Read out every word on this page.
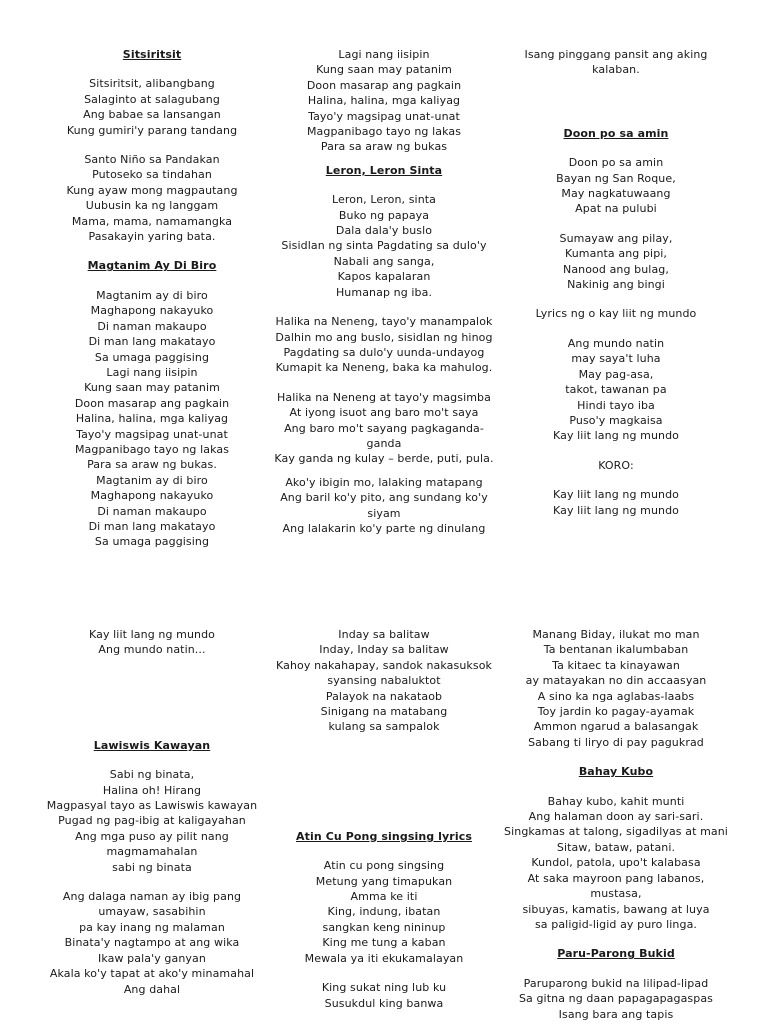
Sitsiritsit
Sitsiritsit, alibangbang
Salaginto at salagubang
Ang babae sa lansangan
Kung gumiri'y parang tandang
Santo Niño sa Pandakan
Putoseko sa tindahan
Kung ayaw mong magpautang
Uubusin ka ng langgam
Mama, mama, namamangka
Pasakayin yaring bata.
Magtanim Ay Di Biro
Magtanim ay di biro
Maghapong nakayuko
Di naman makaupo
Di man lang makatayo
Sa umaga paggising
Lagi nang iisipin
Kung saan may patanim
Doon masarap ang pagkain
Halina, halina, mga kaliyag
Tayo'y magsipag unat-unat
Magpanibago tayo ng lakas
Para sa araw ng bukas.
Magtanim ay di biro
Maghapong nakayuko
Di naman makaupo
Di man lang makatayo
Sa umaga paggising
Lagi nang iisipin
Kung saan may patanim
Doon masarap ang pagkain
Halina, halina, mga kaliyag
Tayo'y magsipag unat-unat
Magpanibago tayo ng lakas
Para sa araw ng bukas
Leron, Leron Sinta
Leron, Leron, sinta
Buko ng papaya
Dala dala'y buslo
Sisidlan ng sinta Pagdating sa dulo'y
Nabali ang sanga,
Kapos kapalaran
Humanap ng iba.
Halika na Neneng, tayo'y manampalok
Dalhin mo ang buslo, sisidlan ng hinog
Pagdating sa dulo'y uunda-undayog
Kumapit ka Neneng, baka ka mahulog.
Halika na Neneng at tayo'y magsimba
At iyong isuot ang baro mo't saya
Ang baro mo't sayang pagkaganda-
ganda
Kay ganda ng kulay – berde, puti, pula.
Ako'y ibigin mo, lalaking matapang
Ang baril ko'y pito, ang sundang ko'y
siyam
Ang lalakarin ko'y parte ng dinulang
Isang pinggang pansit ang aking
kalaban.
Doon po sa amin
Doon po sa amin
Bayan ng San Roque,
May nagkatuwaang
Apat na pulubi
Sumayaw ang pilay,
Kumanta ang pipi,
Nanood ang bulag,
Nakinig ang bingi
Lyrics ng o kay liit ng mundo
Ang mundo natin
may saya't luha
May pag-asa,
takot, tawanan pa
Hindi tayo iba
Puso'y magkaisa
Kay liit lang ng mundo
KORO:
Kay liit lang ng mundo
Kay liit lang ng mundo
Kay liit lang ng mundo
Ang mundo natin...
Lawiswis Kawayan
Sabi ng binata,
Halina oh! Hirang
Magpasyal tayo as Lawiswis kawayan
Pugad ng pag-ibig at kaligayahan
Ang mga puso ay pilit nang
magmamahalan
sabi ng binata
Ang dalaga naman ay ibig pang
umayaw, sasabihin
pa kay inang ng malaman
Binata'y nagtampo at ang wika
Ikaw pala'y ganyan
Akala ko'y tapat at ako'y minamahal
Ang dahal
Inday sa balitaw
Inday, Inday sa balitaw
Kahoy nakahapay, sandok nakasuksok
syansing nabaluktot
Palayok na nakataob
Sinigang na matabang
kulang sa sampalok
Atin Cu Pong singsing lyrics
Atin cu pong singsing
Metung yang timapukan
Amma ke iti
King, indung, ibatan
sangkan keng nininup
King me tung a kaban
Mewala ya iti ekukamalayan
King sukat ning lub ku
Susukdul king banwa
Manang Biday, ilukat mo man
Ta bentanan ikalumbaban
Ta kitaec ta kinayawan
ay matayakan no din accaasyan
A sino ka nga aglabas-laabs
Toy jardin ko pagay-ayamak
Ammon ngarud a balasangak
Sabang ti liryo di pay pagukrad
Bahay Kubo
Bahay kubo, kahit munti
Ang halaman doon ay sari-sari.
Singkamas at talong, sigadilyas at mani
Sitaw, bataw, patani.
Kundol, patola, upo't kalabasa
At saka mayroon pang labanos,
mustasa,
sibuyas, kamatis, bawang at luya
sa paligid-ligid ay puro linga.
Paru-Parong Bukid
Paruparong bukid na lilipad-lipad
Sa gitna ng daan papagapagaspas
Isang bara ang tapis
